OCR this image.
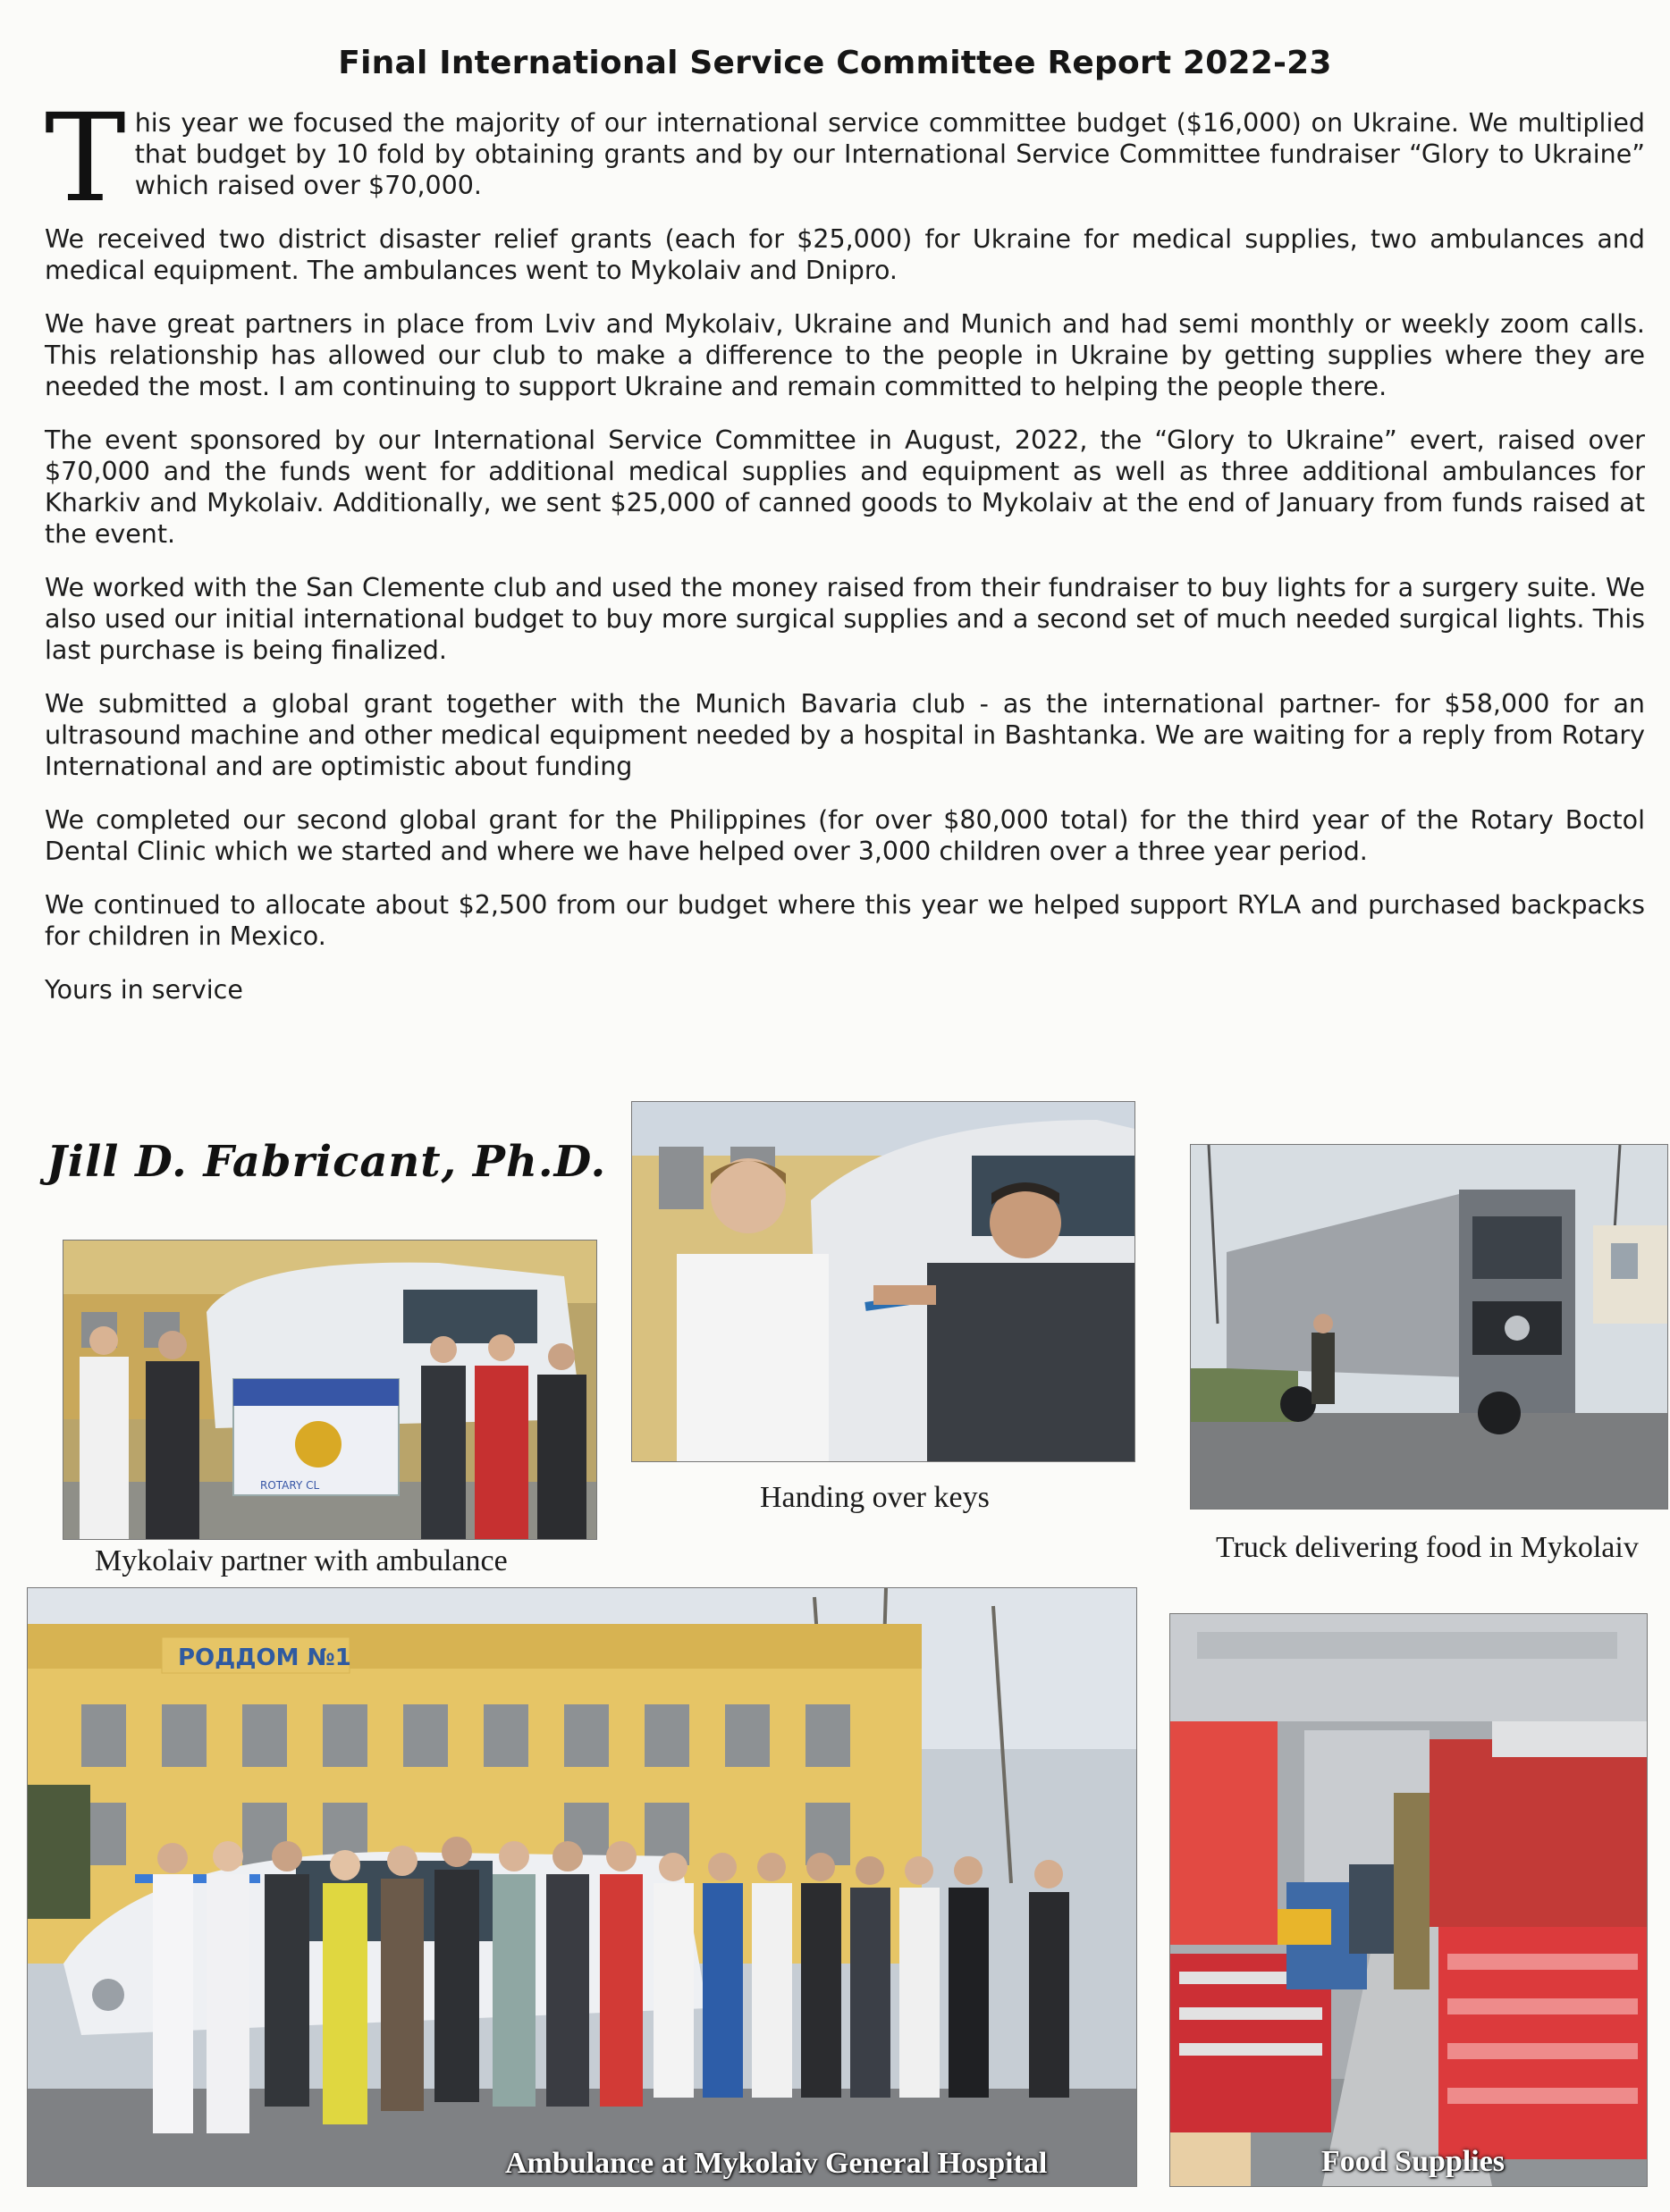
Final International Service Committee Report 2022-23

This year we focused the majority of our international service committee budget ($16,000) on Ukraine. We multiplied that budget by 10 fold by obtaining grants and by our International Service Committee fundraiser “Glory to Ukraine” which raised over $70,000.

We received two district disaster relief grants (each for $25,000) for Ukraine for medical supplies, two ambulances and medical equipment. The ambulances went to Mykolaiv and Dnipro.

We have great partners in place from Lviv and Mykolaiv, Ukraine and Munich and had semi monthly or weekly zoom calls. This relationship has allowed our club to make a difference to the people in Ukraine by getting supplies where they are needed the most. I am continuing to support Ukraine and remain committed to helping the people there.

The event sponsored by our International Service Committee in August, 2022, the “Glory to Ukraine” evert, raised over $70,000 and the funds went for additional medical supplies and equipment as well as three additional ambulances for Kharkiv and Mykolaiv. Additionally, we sent $25,000 of canned goods to Mykolaiv at the end of January from funds raised at the event.

We worked with the San Clemente club and used the money raised from their fundraiser to buy lights for a surgery suite. We also used our initial international budget to buy more surgical supplies and a second set of much needed surgical lights. This last purchase is being finalized.

We submitted a global grant together with the Munich Bavaria club - as the international partner- for $58,000 for an ultrasound machine and other medical equipment needed by a hospital in Bashtanka. We are waiting for a reply from Rotary International and are optimistic about funding

We completed our second global grant for the Philippines (for over $80,000 total) for the third year of the Rotary Boctol Dental Clinic which we started and where we have helped over 3,000 children over a three year period.

We continued to allocate about $2,500 from our budget where this year we helped support RYLA and purchased backpacks for children in Mexico.

Yours in service

Jill D. Fabricant, Ph.D.
ROTARY CL
Mykolaiv partner with ambulance
Handing over keys
Truck delivering food in Mykolaiv
РОДДОМ №1
Ambulance at Mykolaiv General Hospital	Food Supplies
